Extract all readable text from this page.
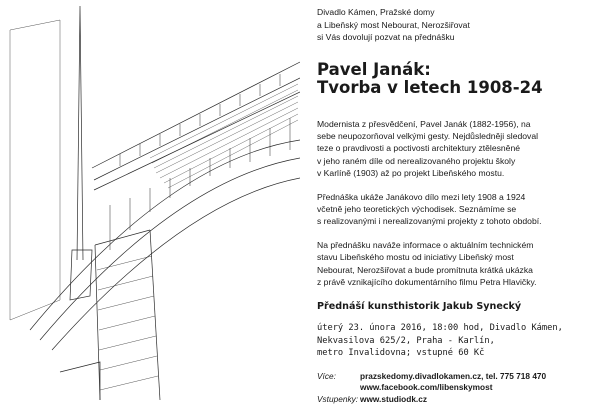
Divadlo Kámen, Pražské domy

a Libeňský most Nebourat, Nerozšiřovat

si Vás dovolují pozvat na přednášku

Pavel Janák:
Tvorba v letech 1908-24

Modernista z přesvědčení, Pavel Janák (1882-1956), na
sebe neupozorňoval velkými gesty. Nejdůsledněji sledoval
teze o pravdivosti a poctivosti architektury ztělesněné
v jeho raném díle od nerealizovaného projektu školy
v Karlíně (1903) až po projekt Libeňského mostu.

Přednáška ukáže Janákovo dílo mezi lety 1908 a 1924
včetně jeho teoretických východisek. Seznámíme se
s realizovanými i nerealizovanými projekty z tohoto období.

Na přednášku naváže informace o aktuálním technickém
stavu Libeňského mostu od iniciativy Libeňský most
Nebourat, Nerozšiřovat a bude promítnuta krátká ukázka
z právě vznikajícího dokumentárního filmu Petra Hlavičky.

Přednáší kunsthistorik Jakub Synecký

úterý 23. února 2016, 18:00 hod, Divadlo Kámen,
Nekvasilova 625/2, Praha - Karlín,
metro Invalidovna; vstupné 60 Kč

Více:	prazskedomy.divadlokamen.cz, tel. 775 718 470
www.facebook.com/libenskymost
Vstupenky: www.studiodk.cz
